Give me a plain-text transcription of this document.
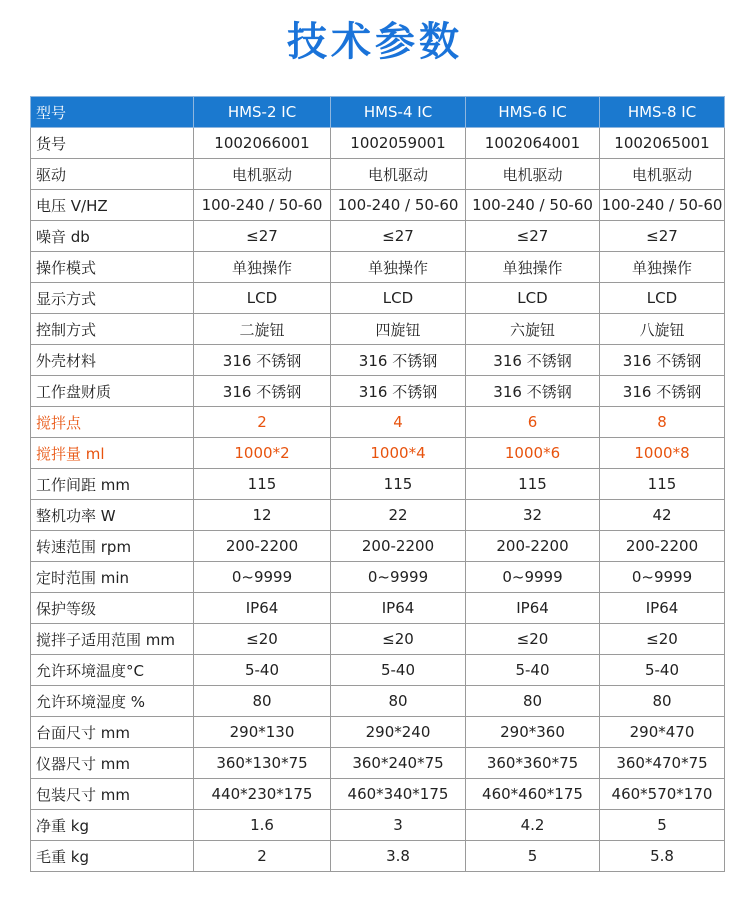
技术参数
型号	HMS-2 IC	HMS-4 IC	HMS-6 IC	HMS-8 IC
货号	1002066001	1002059001	1002064001	1002065001
驱动	电机驱动	电机驱动	电机驱动	电机驱动
电压 V/HZ	100-240 / 50-60	100-240 / 50-60	100-240 / 50-60	100-240 / 50-60
噪音 db	≤27	≤27	≤27	≤27
操作模式	单独操作	单独操作	单独操作	单独操作
显示方式	LCD	LCD	LCD	LCD
控制方式	二旋钮	四旋钮	六旋钮	八旋钮
外壳材料	316 不锈钢	316 不锈钢	316 不锈钢	316 不锈钢
工作盘财质	316 不锈钢	316 不锈钢	316 不锈钢	316 不锈钢
搅拌点	2	4	6	8
搅拌量 ml	1000*2	1000*4	1000*6	1000*8
工作间距 mm	115	115	115	115
整机功率 W	12	22	32	42
转速范围 rpm	200-2200	200-2200	200-2200	200-2200
定时范围 min	0~9999	0~9999	0~9999	0~9999
保护等级	IP64	IP64	IP64	IP64
搅拌子适用范围 mm	≤20	≤20	≤20	≤20
允许环境温度°C	5-40	5-40	5-40	5-40
允许环境湿度 %	80	80	80	80
台面尺寸 mm	290*130	290*240	290*360	290*470
仪器尺寸 mm	360*130*75	360*240*75	360*360*75	360*470*75
包装尺寸 mm	440*230*175	460*340*175	460*460*175	460*570*170
净重 kg	1.6	3	4.2	5
毛重 kg	2	3.8	5	5.8
